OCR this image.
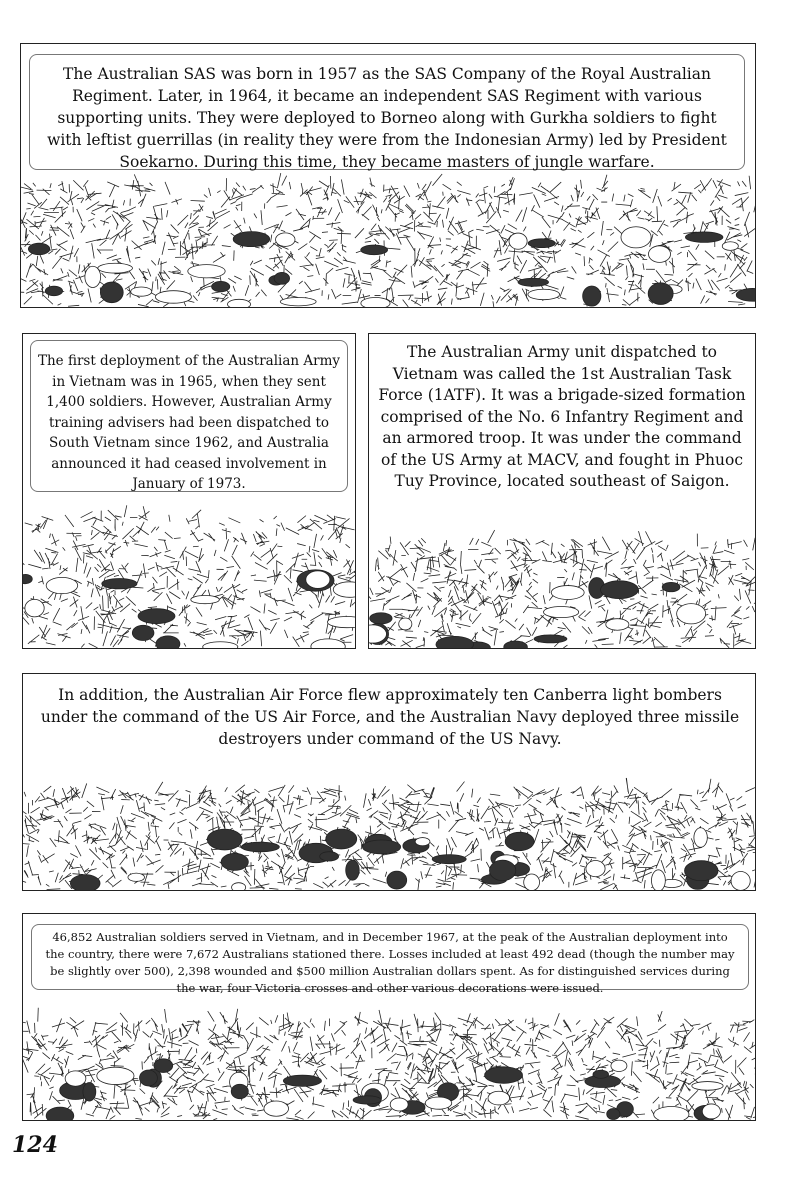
The Australian SAS was born in 1957 as the SAS Company of the Royal Australian Regiment. Later, in 1964, it became an independent SAS Regiment with various supporting units. They were deployed to Borneo along with Gurkha soldiers to fight with leftist guerrillas (in reality they were from the Indonesian Army) led by President Soekarno. During this time, they became masters of jungle warfare.
The first deployment of the Australian Army in Vietnam was in 1965, when they sent 1,400 soldiers. However, Australian Army training advisers had been dispatched to South Vietnam since 1962, and Australia announced it had ceased involvement in January of 1973.
The Australian Army unit dispatched to Vietnam was called the 1st Australian Task Force (1ATF). It was a brigade-sized formation comprised of the No. 6 Infantry Regiment and an armored troop. It was under the command of the US Army at MACV, and fought in Phuoc Tuy Province, located southeast of Saigon.
In addition, the Australian Air Force flew approximately ten Canberra light bombers under the command of the US Air Force, and the Australian Navy deployed three missile destroyers under command of the US Navy.
46,852 Australian soldiers served in Vietnam, and in December 1967, at the peak of the Australian deployment into the country, there were 7,672 Australians stationed there. Losses included at least 492 dead (though the number may be slightly over 500), 2,398 wounded and $500 million Australian dollars spent. As for distinguished services during the war, four Victoria crosses and other various decorations were issued.
124
